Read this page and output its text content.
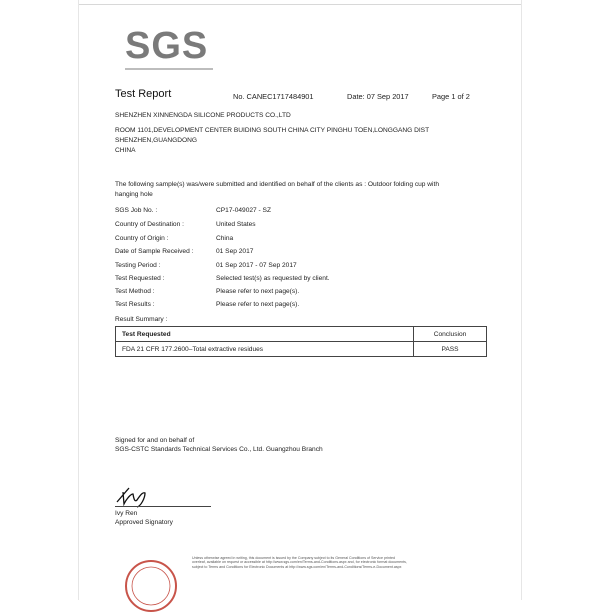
SGS
Test Report	No. CANEC1717484901	Date: 07 Sep 2017	Page 1 of 2
SHENZHEN XINNENGDA SILICONE PRODUCTS CO.,LTD
ROOM 1101,DEVELOPMENT CENTER BUIDING SOUTH CHINA CITY PINGHU TOEN,LONGGANG DIST
SHENZHEN,GUANGDONG
CHINA
The following sample(s) was/were submitted and identified on behalf of the clients as : Outdoor folding cup with
hanging hole
SGS Job No. :	CP17-049027 - SZ
Country of Destination :	United States
Country of Origin :	China
Date of Sample Received :	01 Sep 2017
Testing Period :	01 Sep 2017 - 07 Sep 2017
Test Requested :	Selected test(s) as requested by client.
Test Method :	Please refer to next page(s).
Test Results :	Please refer to next page(s).
Result Summary :
Test Requested	Conclusion
FDA 21 CFR 177.2600–Total extractive residues	PASS
Signed for and on behalf of
SGS-CSTC Standards Technical Services Co., Ltd. Guangzhou Branch
Ivy Ren
Approved Signatory
Unless otherwise agreed in writing, this document is issued by the Company subject to its General Conditions of Service printed
overleaf, available on request or accessible at http://www.sgs.com/en/Terms-and-Conditions.aspx and, for electronic format documents,
subject to Terms and Conditions for Electronic Documents at http://www.sgs.com/en/Terms-and-Conditions/Terms-e-Document.aspx
